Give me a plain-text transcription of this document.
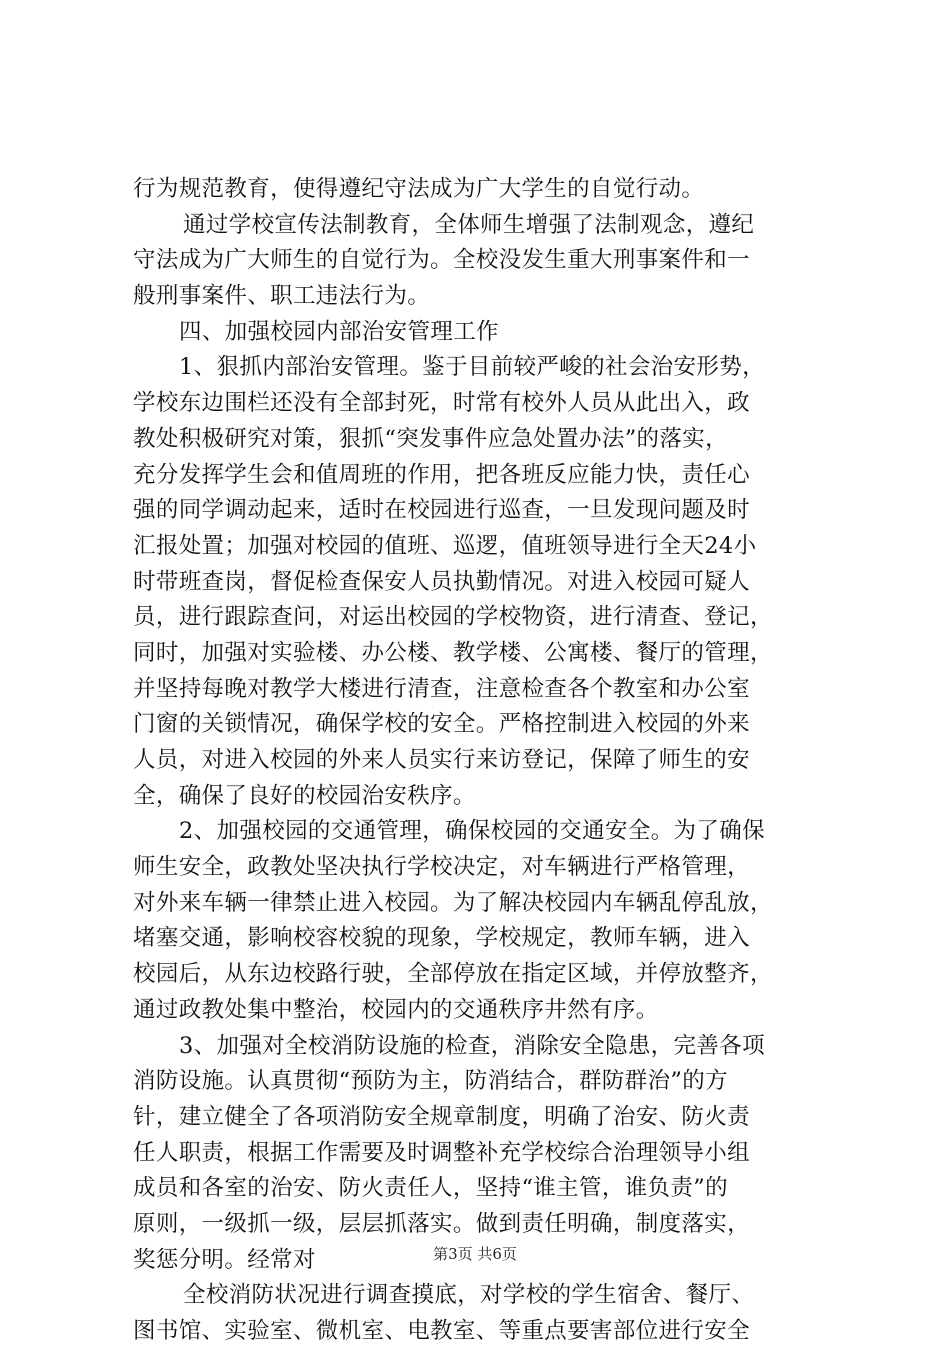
行为规范教育，使得遵纪守法成为广大学生的自觉行动。
通过学校宣传法制教育，全体师生增强了法制观念，遵纪
守法成为广大师生的自觉行为。全校没发生重大刑事案件和一
般刑事案件、职工违法行为。
四、加强校园内部治安管理工作
1、狠抓内部治安管理。鉴于目前较严峻的社会治安形势，
学校东边围栏还没有全部封死，时常有校外人员从此出入，政
教处积极研究对策，狠抓“突发事件应急处置办法”的落实，
充分发挥学生会和值周班的作用，把各班反应能力快，责任心
强的同学调动起来，适时在校园进行巡查，一旦发现问题及时
汇报处置；加强对校园的值班、巡逻，值班领导进行全天24小
时带班查岗，督促检查保安人员执勤情况。对进入校园可疑人
员，进行跟踪查问，对运出校园的学校物资，进行清查、登记，
同时，加强对实验楼、办公楼、教学楼、公寓楼、餐厅的管理，
并坚持每晚对教学大楼进行清查，注意检查各个教室和办公室
门窗的关锁情况，确保学校的安全。严格控制进入校园的外来
人员，对进入校园的外来人员实行来访登记，保障了师生的安
全，确保了良好的校园治安秩序。
2、加强校园的交通管理，确保校园的交通安全。为了确保
师生安全，政教处坚决执行学校决定，对车辆进行严格管理，
对外来车辆一律禁止进入校园。为了解决校园内车辆乱停乱放，
堵塞交通，影响校容校貌的现象，学校规定，教师车辆，进入
校园后，从东边校路行驶，全部停放在指定区域，并停放整齐，
通过政教处集中整治，校园内的交通秩序井然有序。
3、加强对全校消防设施的检查，消除安全隐患，完善各项
消防设施。认真贯彻“预防为主，防消结合，群防群治”的方
针，建立健全了各项消防安全规章制度，明确了治安、防火责
任人职责，根据工作需要及时调整补充学校综合治理领导小组
成员和各室的治安、防火责任人，坚持“谁主管，谁负责”的
原则，一级抓一级，层层抓落实。做到责任明确，制度落实，
奖惩分明。经常对
全校消防状况进行调查摸底，对学校的学生宿舍、餐厅、
图书馆、实验室、微机室、电教室、等重点要害部位进行安全
第3页 共6页
